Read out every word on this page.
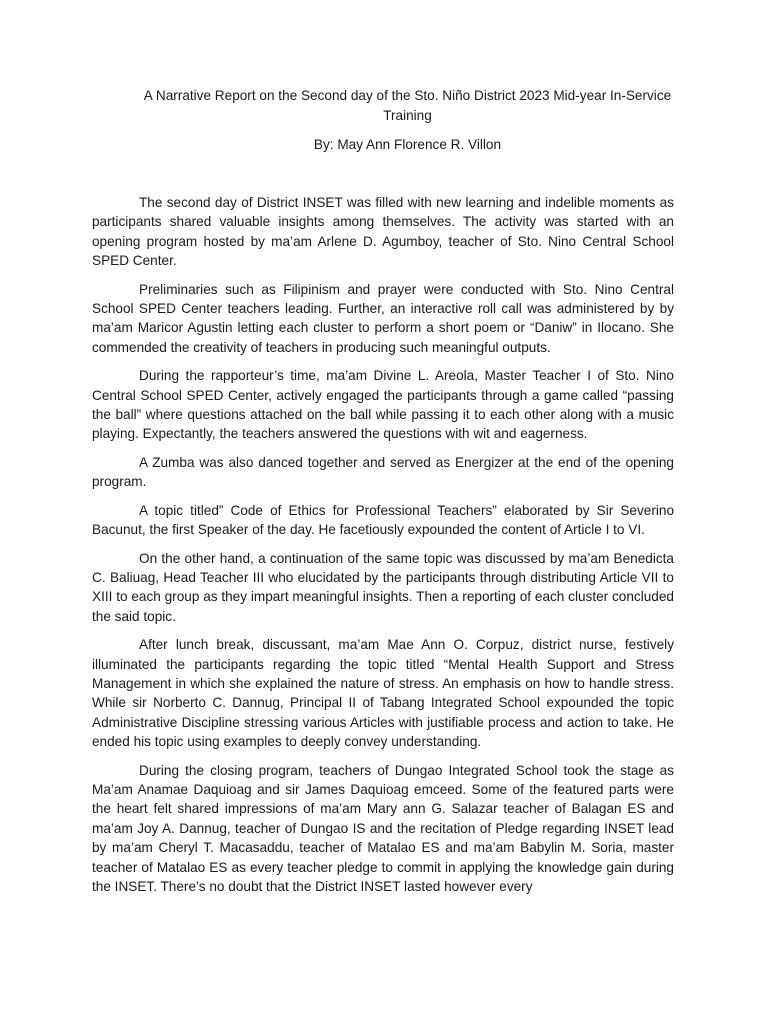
A Narrative Report on the Second day of the Sto. Niño District 2023 Mid-year In-Service Training

By: May Ann Florence R. Villon

The second day of District INSET was filled with new learning and indelible moments as participants shared valuable insights among themselves. The activity was started with an opening program hosted by ma’am Arlene D. Agumboy, teacher of Sto. Nino Central School SPED Center.

Preliminaries such as Filipinism and prayer were conducted with Sto. Nino Central School SPED Center teachers leading. Further, an interactive roll call was administered by by ma’am Maricor Agustin letting each cluster to perform a short poem or “Daniw” in Ilocano. She commended the creativity of teachers in producing such meaningful outputs.

During the rapporteur’s time, ma’am Divine L. Areola, Master Teacher I of Sto. Nino Central School SPED Center, actively engaged the participants through a game called “passing the ball” where questions attached on the ball while passing it to each other along with a music playing. Expectantly, the teachers answered the questions with wit and eagerness.

A Zumba was also danced together and served as Energizer at the end of the opening program.

A topic titled” Code of Ethics for Professional Teachers” elaborated by Sir Severino Bacunut, the first Speaker of the day. He facetiously expounded the content of Article I to VI.

On the other hand, a continuation of the same topic was discussed by ma’am Benedicta C. Baliuag, Head Teacher III who elucidated by the participants through distributing Article VII to XIII to each group as they impart meaningful insights. Then a reporting of each cluster concluded the said topic.

After lunch break, discussant, ma’am Mae Ann O. Corpuz, district nurse, festively illuminated the participants regarding the topic titled “Mental Health Support and Stress Management in which she explained the nature of stress. An emphasis on how to handle stress. While sir Norberto C. Dannug, Principal II of Tabang Integrated School expounded the topic Administrative Discipline stressing various Articles with justifiable process and action to take. He ended his topic using examples to deeply convey understanding.

During the closing program, teachers of Dungao Integrated School took the stage as Ma’am Anamae Daquioag and sir James Daquioag emceed. Some of the featured parts were the heart felt shared impressions of ma’am Mary ann G. Salazar teacher of Balagan ES and ma’am Joy A. Dannug, teacher of Dungao IS and the recitation of Pledge regarding INSET lead by ma’am Cheryl T. Macasaddu, teacher of Matalao ES and ma’am Babylin M. Soria, master teacher of Matalao ES as every teacher pledge to commit in applying the knowledge gain during the INSET. There’s no doubt that the District INSET lasted however every
